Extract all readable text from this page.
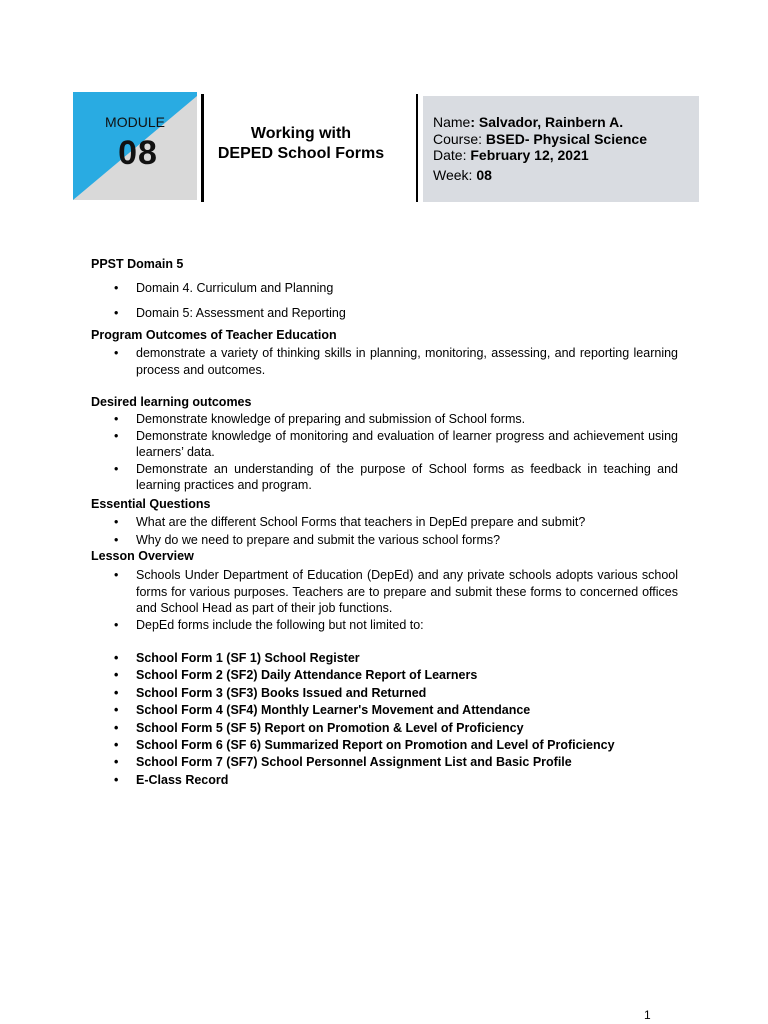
MODULE
08
Working with
DEPED School Forms
Name: Salvador, Rainbern A.
Course: BSED- Physical Science
Date: February 12, 2021
Week: 08
PPST Domain 5
• Domain 4. Curriculum and Planning
• Domain 5: Assessment and Reporting
Program Outcomes of Teacher Education
• demonstrate a variety of thinking skills in planning, monitoring, assessing, and reporting learning process and outcomes.
Desired learning outcomes
• Demonstrate knowledge of preparing and submission of School forms.
• Demonstrate knowledge of monitoring and evaluation of learner progress and achievement using learners’ data.
• Demonstrate an understanding of the purpose of School forms as feedback in teaching and learning practices and program.
Essential Questions
• What are the different School Forms that teachers in DepEd prepare and submit?
• Why do we need to prepare and submit the various school forms?
Lesson Overview
• Schools Under Department of Education (DepEd) and any private schools adopts various school forms for various purposes. Teachers are to prepare and submit these forms to concerned offices and School Head as part of their job functions.
• DepEd forms include the following but not limited to:
• School Form 1 (SF 1) School Register
• School Form 2 (SF2) Daily Attendance Report of Learners
• School Form 3 (SF3) Books Issued and Returned
• School Form 4 (SF4) Monthly Learner's Movement and Attendance
• School Form 5 (SF 5) Report on Promotion & Level of Proficiency
• School Form 6 (SF 6) Summarized Report on Promotion and Level of Proficiency
• School Form 7 (SF7) School Personnel Assignment List and Basic Profile
• E-Class Record
1
